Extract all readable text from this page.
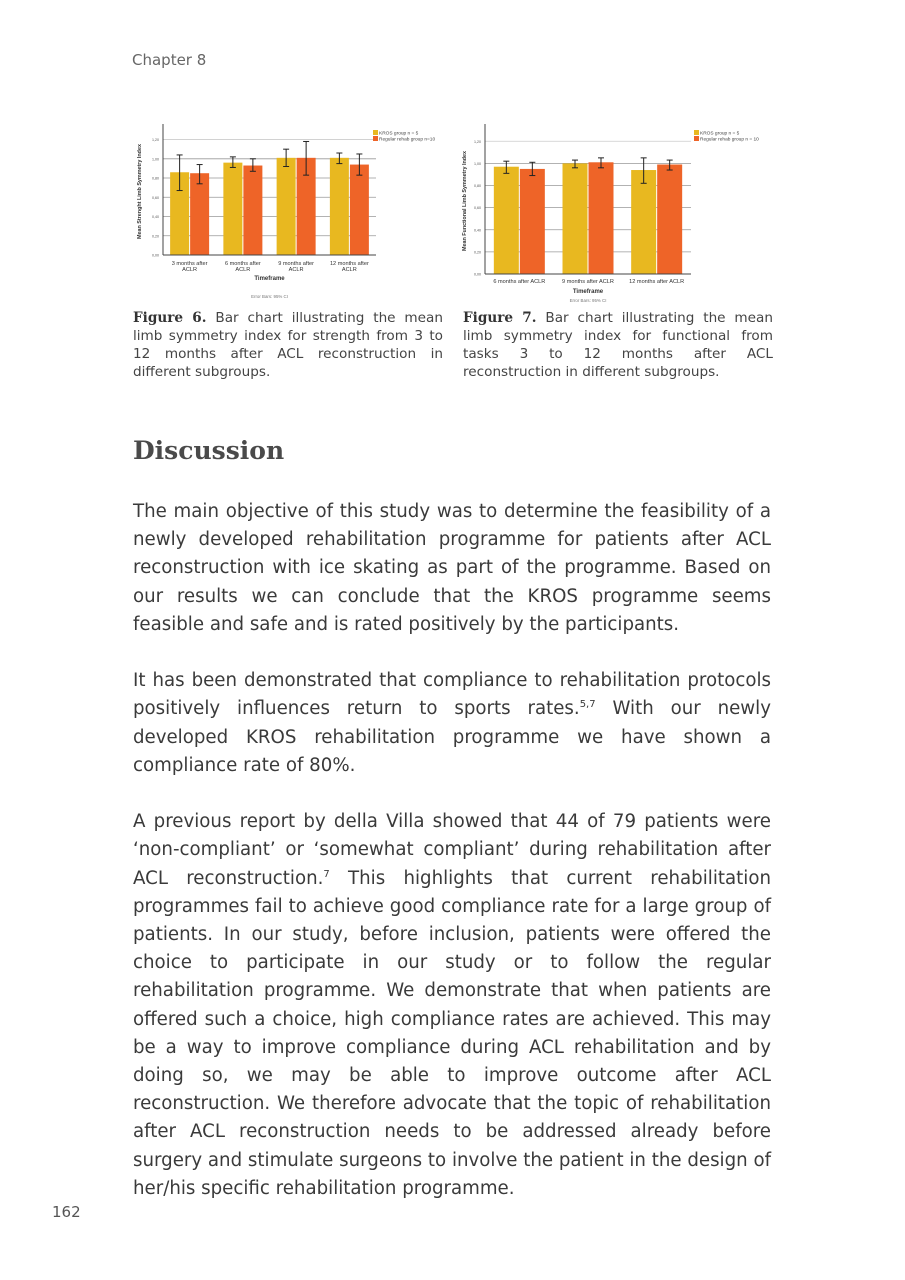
Chapter 8
0,00
0,20
0,40
0,60
0,80
1,00
1,20
3 months after
ACLR
6 months after
ACLR
9 months after
ACLR
12 months after
ACLR
Timeframe
Mean Strenght Limb Symmetry Index
Error Bars: 95% CI
KROS group n = 5
Regular rehab group n=10
0,00
0,20
0,40
0,60
0,80
1,00
1,20
6 months after ACLR	9 months after ACLR	12 months after ACLR
Timeframe
Mean Functional Limb Symmetry Index
Error Bars: 95% CI
KROS group n = 5
Regular rehab group n = 10
Figure 6. Bar chart illustrating the mean limb symmetry index for strength from 3 to 12 months after ACL reconstruction in different subgroups.
Figure 7. Bar chart illustrating the mean limb symmetry index for functional from tasks 3 to 12 months after ACL reconstruction in different subgroups.
Discussion

The main objective of this study was to determine the feasibility of a newly developed rehabilitation programme for patients after ACL reconstruction with ice skating as part of the programme. Based on our results we can conclude that the KROS programme seems feasible and safe and is rated positively by the participants.

It has been demonstrated that compliance to rehabilitation protocols positively influences return to sports rates.$^{5,7}$ With our newly developed KROS rehabilitation programme we have shown a compliance rate of 80%.

A previous report by della Villa showed that 44 of 79 patients were ‘non-compliant’ or ‘somewhat compliant’ during rehabilitation after ACL reconstruction.$^7$ This highlights that current rehabilitation programmes fail to achieve good compliance rate for a large group of patients. In our study, before inclusion, patients were offered the choice to participate in our study or to follow the regular rehabilitation programme. We demonstrate that when patients are offered such a choice, high compliance rates are achieved. This may be a way to improve compliance during ACL rehabilitation and by doing so, we may be able to improve outcome after ACL reconstruction. We therefore advocate that the topic of rehabilitation after ACL reconstruction needs to be addressed already before surgery and stimulate surgeons to involve the patient in the design of her/his specific rehabilitation programme.

162
